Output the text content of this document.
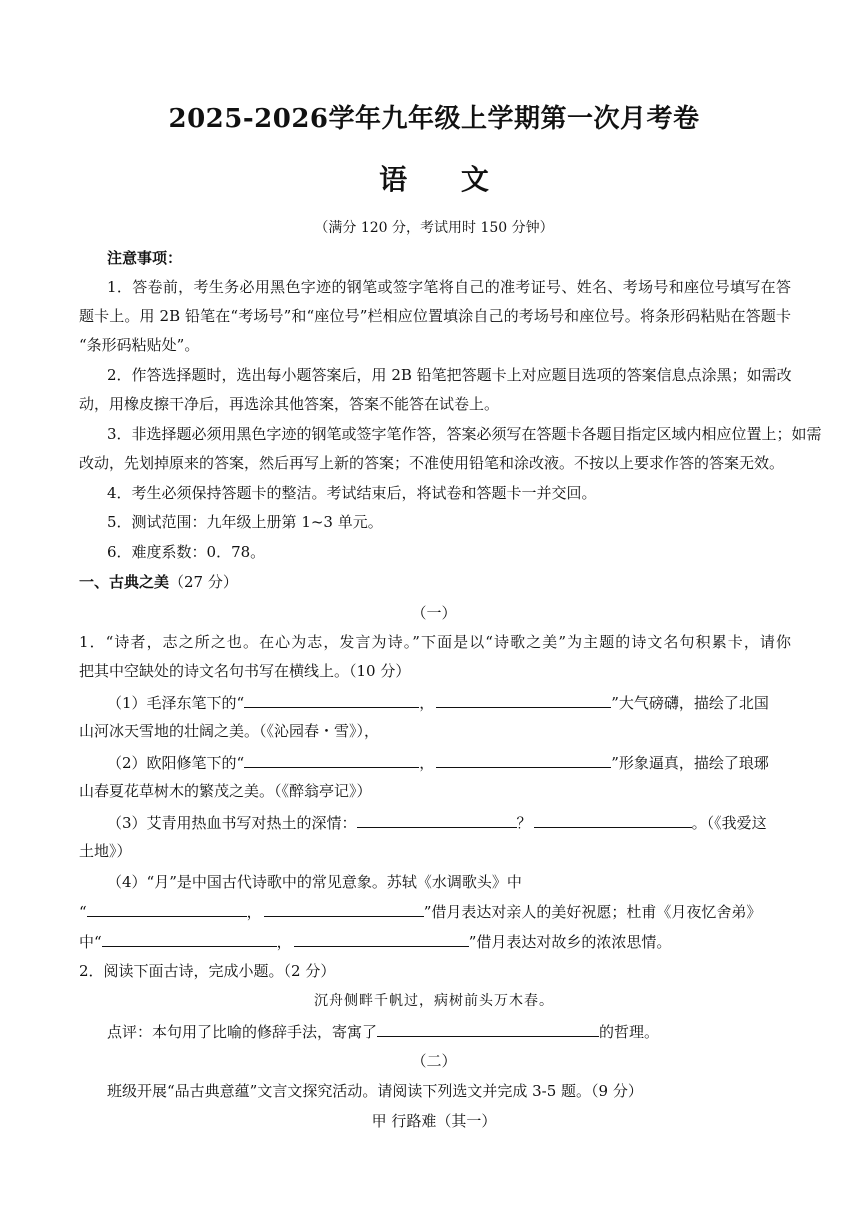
2025-2026学年九年级上学期第一次月考卷
语 文
（满分 120 分，考试用时 150 分钟）
注意事项：
1．答卷前，考生务必用黑色字迹的钢笔或签字笔将自己的准考证号、姓名、考场号和座位号填写在答
题卡上。用 2B 铅笔在“考场号”和“座位号”栏相应位置填涂自己的考场号和座位号。将条形码粘贴在答题卡
“条形码粘贴处”。
2．作答选择题时，选出每小题答案后，用 2B 铅笔把答题卡上对应题目选项的答案信息点涂黑；如需改
动，用橡皮擦干净后，再选涂其他答案，答案不能答在试卷上。
3．非选择题必须用黑色字迹的钢笔或签字笔作答，答案必须写在答题卡各题目指定区域内相应位置上；如需
改动，先划掉原来的答案，然后再写上新的答案；不准使用铅笔和涂改液。不按以上要求作答的答案无效。
4．考生必须保持答题卡的整洁。考试结束后，将试卷和答题卡一并交回。
5．测试范围：九年级上册第 1~3 单元。
6．难度系数：0．78。
一、古典之美（27 分）
（一）
1．“诗者，志之所之也。在心为志，发言为诗。”下面是以“诗歌之美”为主题的诗文名句积累卡，请你
把其中空缺处的诗文名句书写在横线上。（10 分）
（1）毛泽东笔下的“	，	”大气磅礴，描绘了北国
山河冰天雪地的壮阔之美。（《沁园春・雪》），
（2）欧阳修笔下的“	，	”形象逼真，描绘了琅琊
山春夏花草树木的繁茂之美。（《醉翁亭记》）
（3）艾青用热血书写对热土的深情：	？	。（《我爱这
土地》）
（4）“月”是中国古代诗歌中的常见意象。苏轼《水调歌头》中
“	，	”借月表达对亲人的美好祝愿；杜甫《月夜忆舍弟》
中“	，	”借月表达对故乡的浓浓思情。
2．阅读下面古诗，完成小题。（2 分）
沉舟侧畔千帆过，病树前头万木春。
点评：本句用了比喻的修辞手法，寄寓了	的哲理。
（二）
班级开展“品古典意蕴”文言文探究活动。请阅读下列选文并完成 3-5 题。（9 分）
甲 行路难（其一）
